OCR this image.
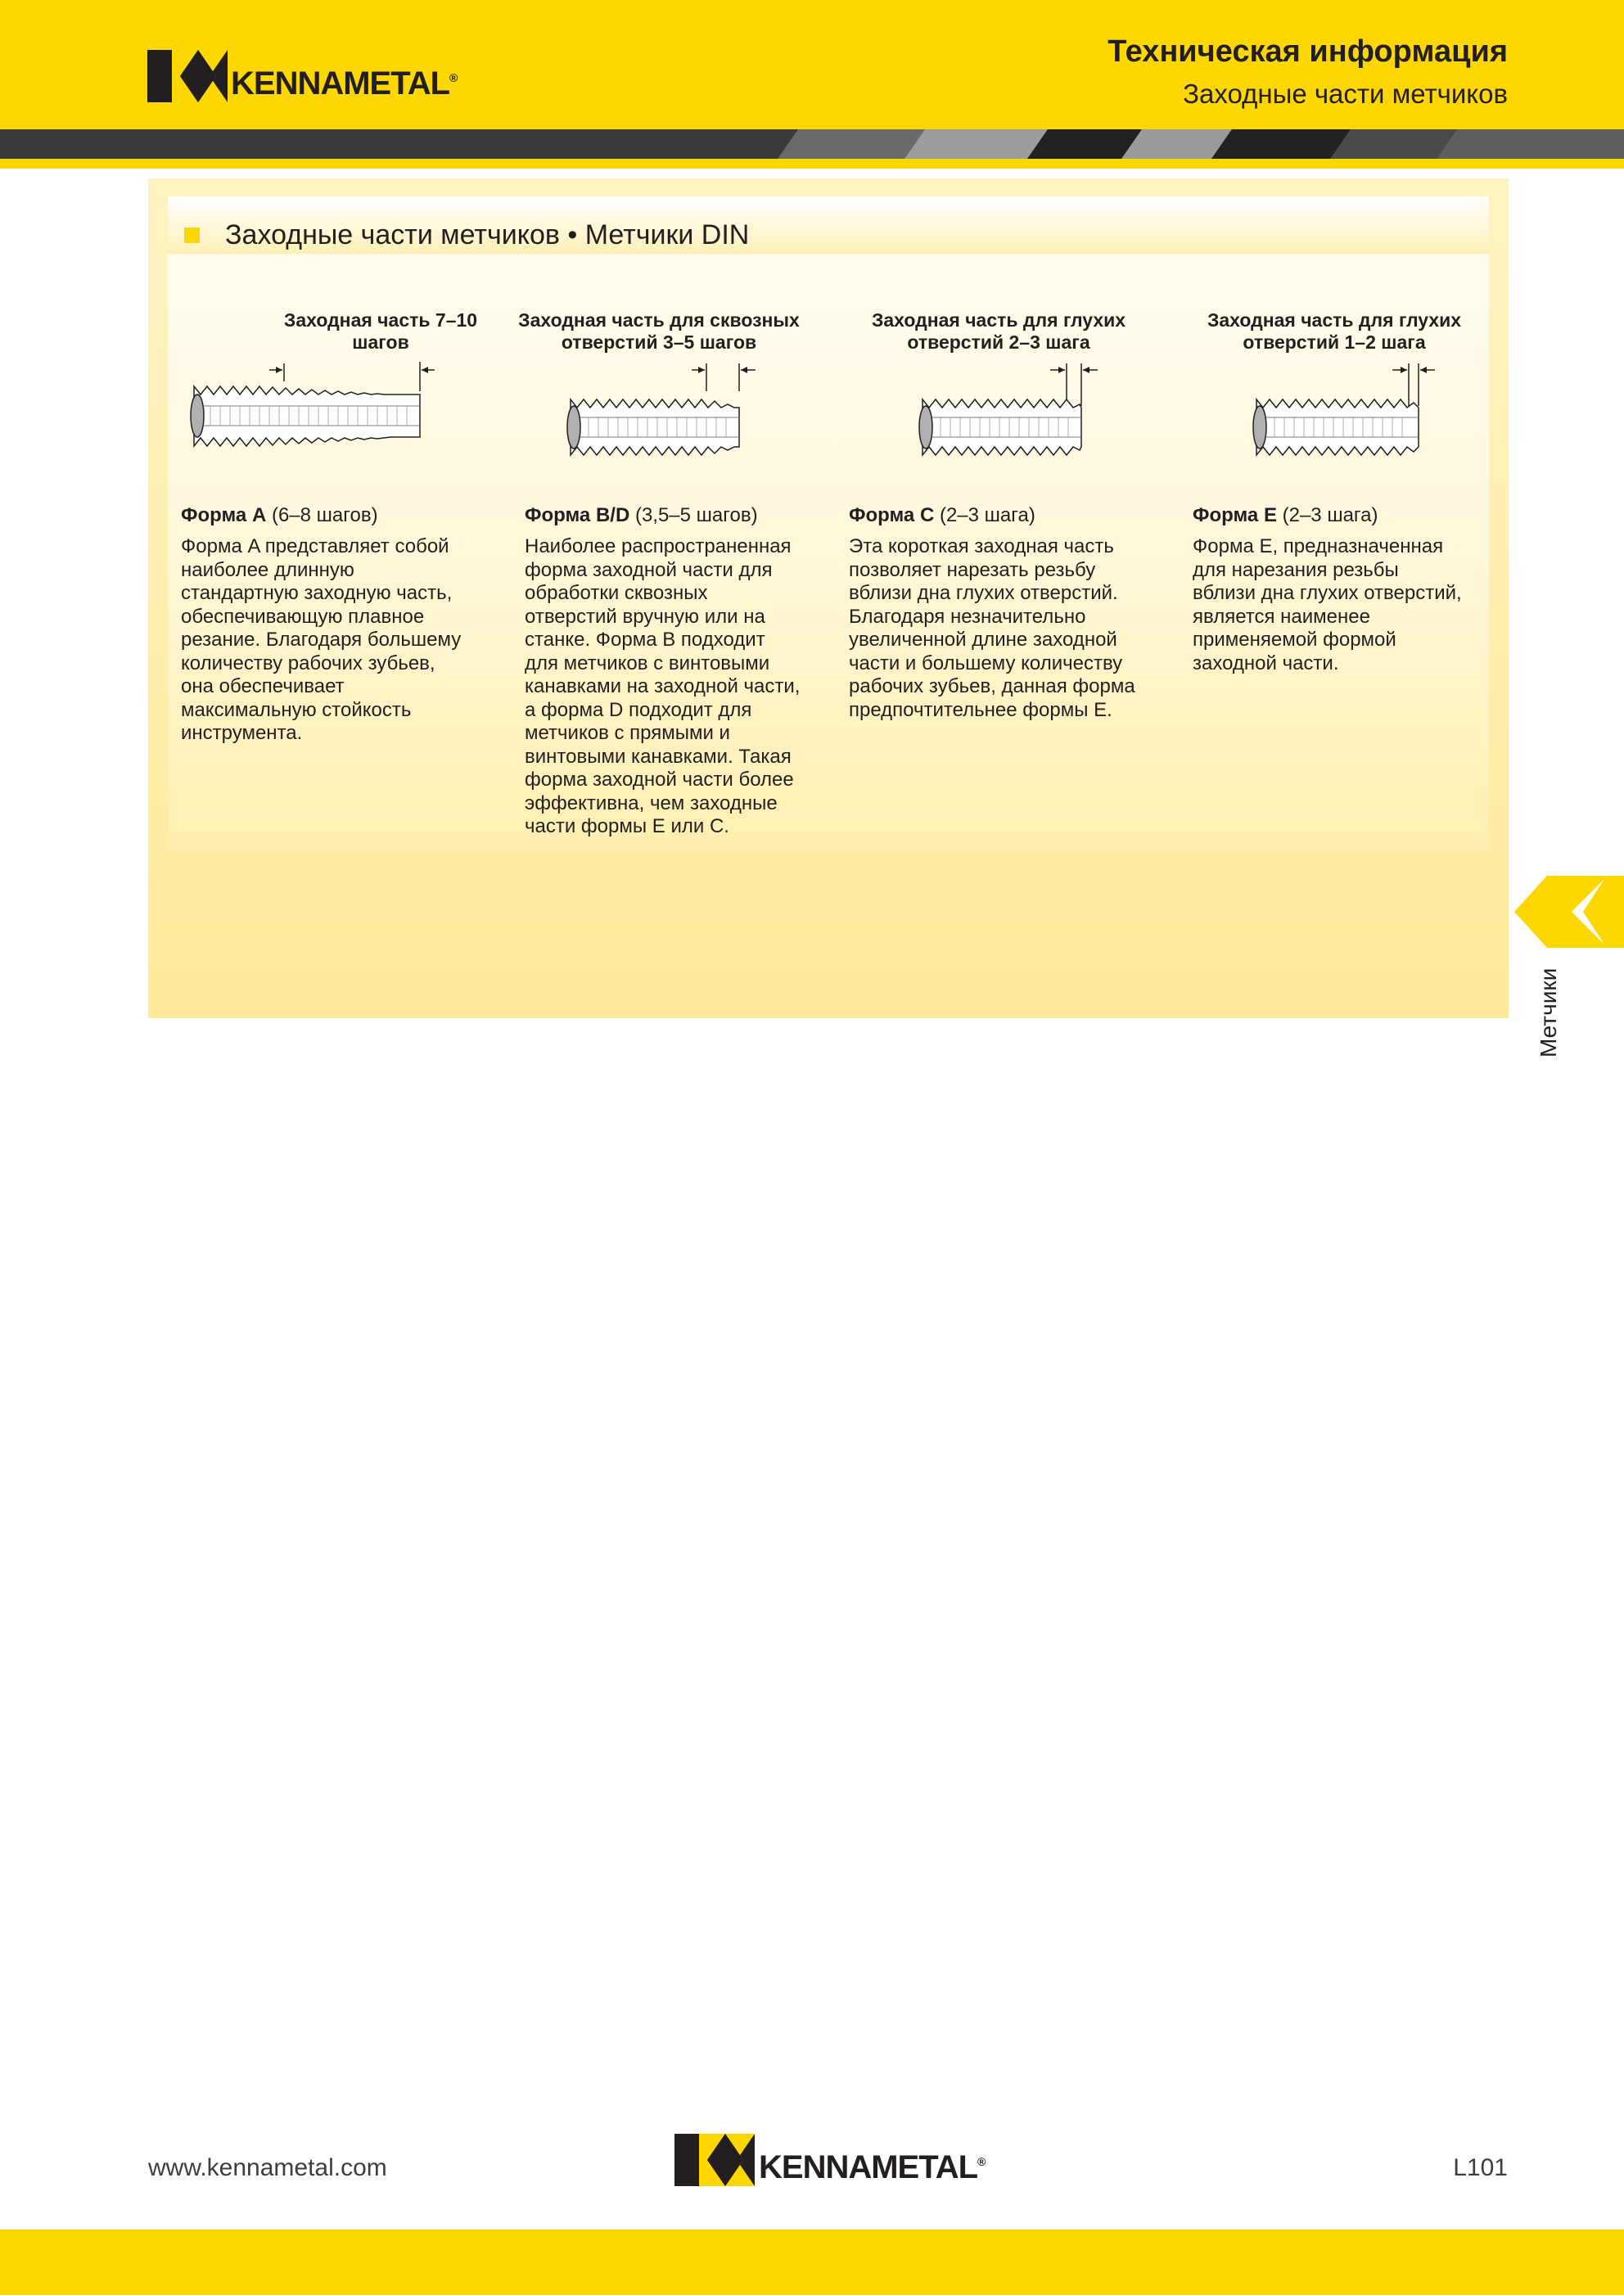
KENNAMETAL ®
Техническая информация
Заходные части метчиков
Заходные части метчиков • Метчики DIN
Заходная часть 7–10 шагов
Форма A (6–8 шагов)
Форма A представляет собой
наиболее длинную
стандартную заходную часть,
обеспечивающую плавное
резание. Благодаря большему
количеству рабочих зубьев,
она обеспечивает
максимальную стойкость
инструмента.
Заходная часть для сквозных отверстий 3–5 шагов
Форма B/D (3,5–5 шагов)
Наиболее распространенная
форма заходной части для
обработки сквозных
отверстий вручную или на
станке. Форма B подходит
для метчиков с винтовыми
канавками на заходной части,
а форма D подходит для
метчиков с прямыми и
винтовыми канавками. Такая
форма заходной части более
эффективна, чем заходные
части формы E или C.
Заходная часть для глухих отверстий 2–3 шага
Форма C (2–3 шага)
Эта короткая заходная часть
позволяет нарезать резьбу
вблизи дна глухих отверстий.
Благодаря незначительно
увеличенной длине заходной
части и большему количеству
рабочих зубьев, данная форма
предпочтительнее формы E.
Заходная часть для глухих отверстий 1–2 шага
Форма E (2–3 шага)
Форма E, предназначенная
для нарезания резьбы
вблизи дна глухих отверстий,
является наименее
применяемой формой
заходной части.
Метчики
www.kennametal.com	KENNAMETAL ®	L101
